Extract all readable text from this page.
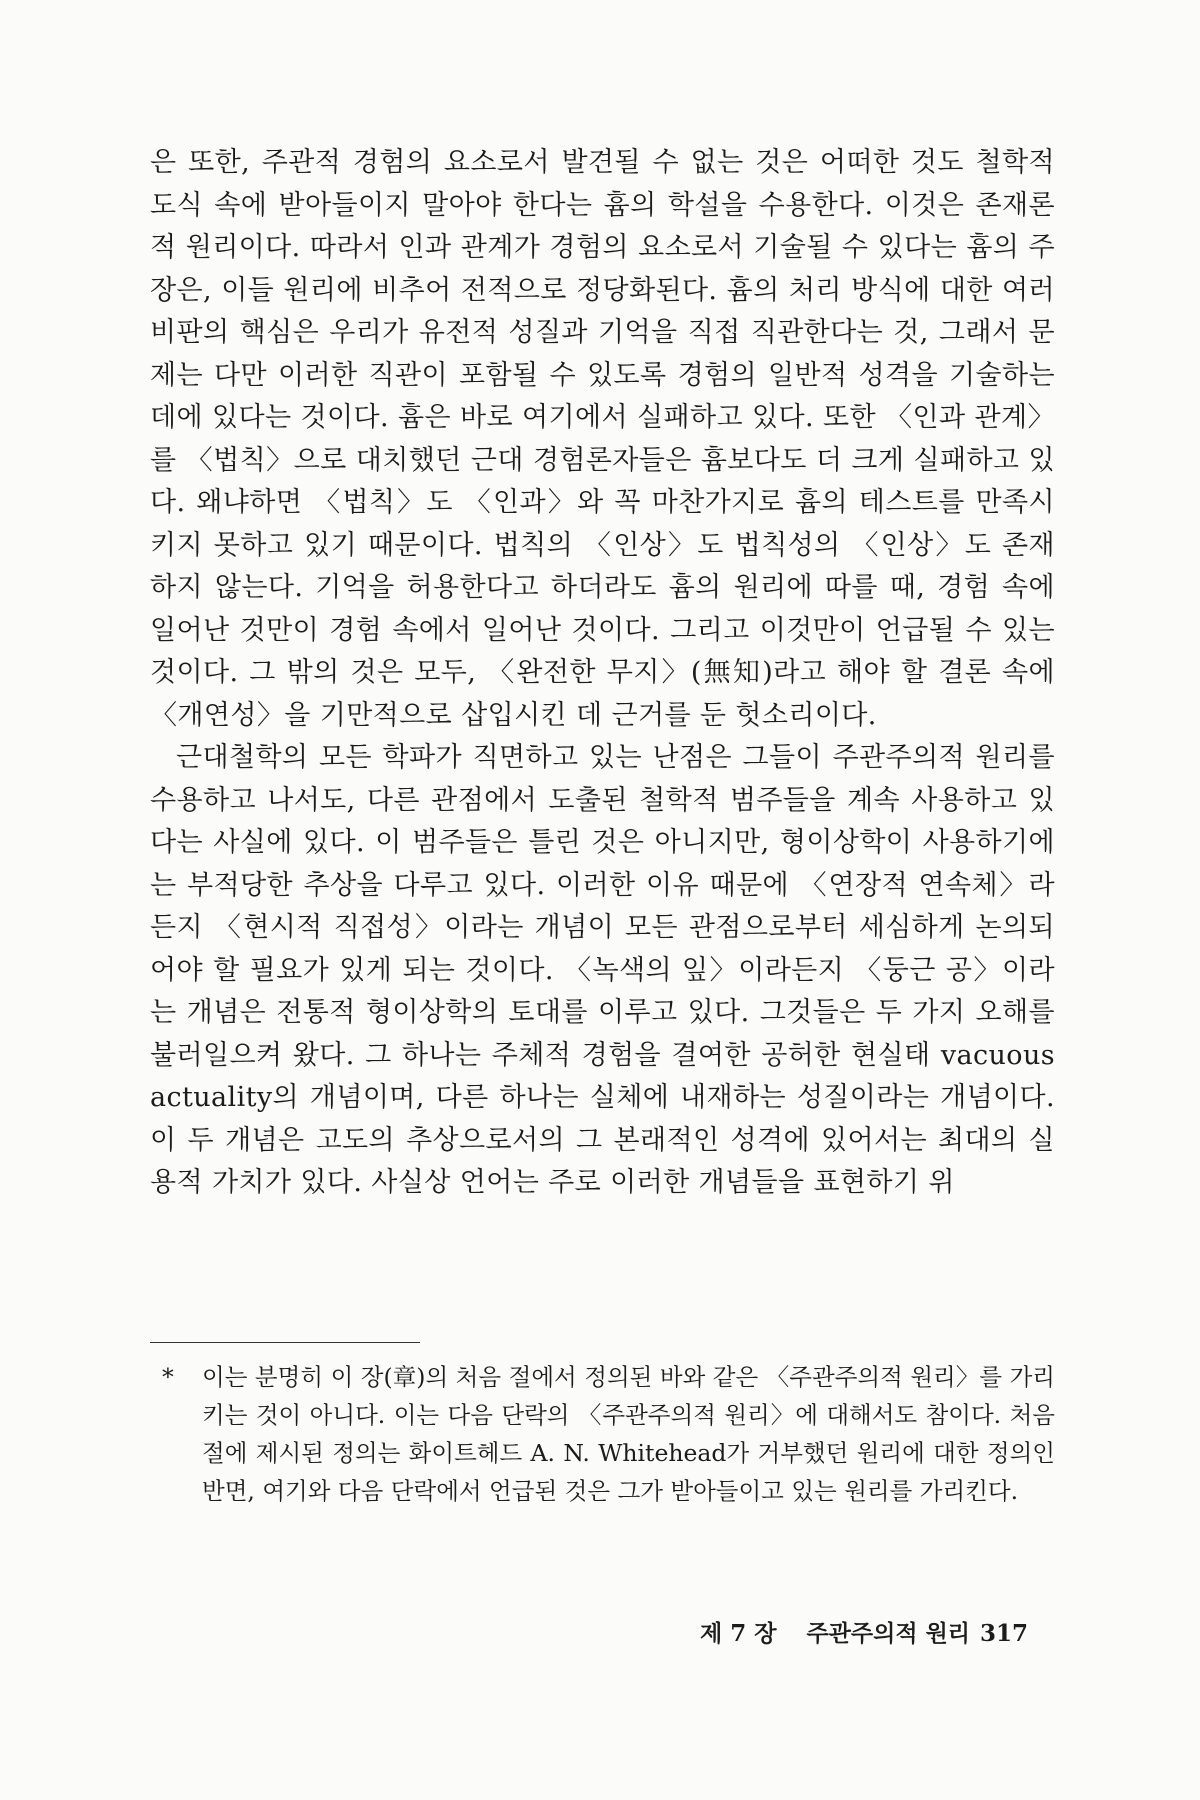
은 또한, 주관적 경험의 요소로서 발견될 수 없는 것은 어떠한 것도 철학적 도식 속에 받아들이지 말아야 한다는 흄의 학설을 수용한다. 이것은 존재론적 원리이다. 따라서 인과 관계가 경험의 요소로서 기술될 수 있다는 흄의 주장은, 이들 원리에 비추어 전적으로 정당화된다. 흄의 처리 방식에 대한 여러 비판의 핵심은 우리가 유전적 성질과 기억을 직접 직관한다는 것, 그래서 문제는 다만 이러한 직관이 포함될 수 있도록 경험의 일반적 성격을 기술하는 데에 있다는 것이다. 흄은 바로 여기에서 실패하고 있다. 또한 〈인과 관계〉를 〈법칙〉으로 대치했던 근대 경험론자들은 흄보다도 더 크게 실패하고 있다. 왜냐하면 〈법칙〉도 〈인과〉와 꼭 마찬가지로 흄의 테스트를 만족시키지 못하고 있기 때문이다. 법칙의 〈인상〉도 법칙성의 〈인상〉도 존재하지 않는다. 기억을 허용한다고 하더라도 흄의 원리에 따를 때, 경험 속에 일어난 것만이 경험 속에서 일어난 것이다. 그리고 이것만이 언급될 수 있는 것이다. 그 밖의 것은 모두, 〈완전한 무지〉(無知)라고 해야 할 결론 속에 〈개연성〉을 기만적으로 삽입시킨 데 근거를 둔 헛소리이다.

근대철학의 모든 학파가 직면하고 있는 난점은 그들이 주관주의적 원리를 수용하고 나서도, 다른 관점에서 도출된 철학적 범주들을 계속 사용하고 있다는 사실에 있다. 이 범주들은 틀린 것은 아니지만, 형이상학이 사용하기에는 부적당한 추상을 다루고 있다. 이러한 이유 때문에 〈연장적 연속체〉라든지 〈현시적 직접성〉이라는 개념이 모든 관점으로부터 세심하게 논의되어야 할 필요가 있게 되는 것이다. 〈녹색의 잎〉이라든지 〈둥근 공〉이라는 개념은 전통적 형이상학의 토대를 이루고 있다. 그것들은 두 가지 오해를 불러일으켜 왔다. 그 하나는 주체적 경험을 결여한 공허한 현실태 vacuous actuality의 개념이며, 다른 하나는 실체에 내재하는 성질이라는 개념이다. 이 두 개념은 고도의 추상으로서의 그 본래적인 성격에 있어서는 최대의 실용적 가치가 있다. 사실상 언어는 주로 이러한 개념들을 표현하기 위

* 이는 분명히 이 장(章)의 처음 절에서 정의된 바와 같은 〈주관주의적 원리〉를 가리키는 것이 아니다. 이는 다음 단락의 〈주관주의적 원리〉에 대해서도 참이다. 처음 절에 제시된 정의는 화이트헤드 A. N. Whitehead가 거부했던 원리에 대한 정의인 반면, 여기와 다음 단락에서 언급된 것은 그가 받아들이고 있는 원리를 가리킨다.

제 7 장 주관주의적 원리 317
